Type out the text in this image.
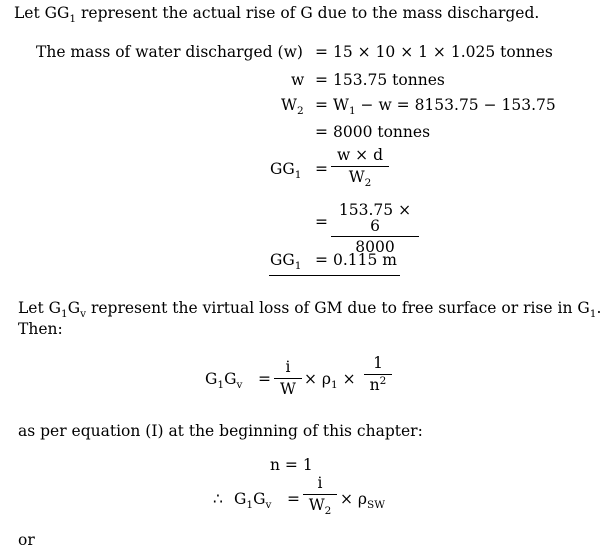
Let $GG_1$ represent the actual rise of G due to the mass discharged.
The mass of water discharged (w) = 15 × 10 × 1 × 1.025 tonnes
w = 153.75 tonnes
$W_2 = W_1 - w = 8153.75 - 153.75$
= 8000 tonnes
$GG_1$ =
w × d
$W_2$
=
153.75 × 6
8000
$GG_1 = 0.115$ m
Let $G_1G_v$ represent the virtual loss of GM due to free surface or rise in $G_1$.
Then:
$G_1G_v$ =
i
W
× $\rho_1$ ×
1
$n^2$
as per equation (I) at the beginning of this chapter:
n = 1
∴ $G_1G_v$ =
i
$W_2$
× $\rho_{SW}$
or
